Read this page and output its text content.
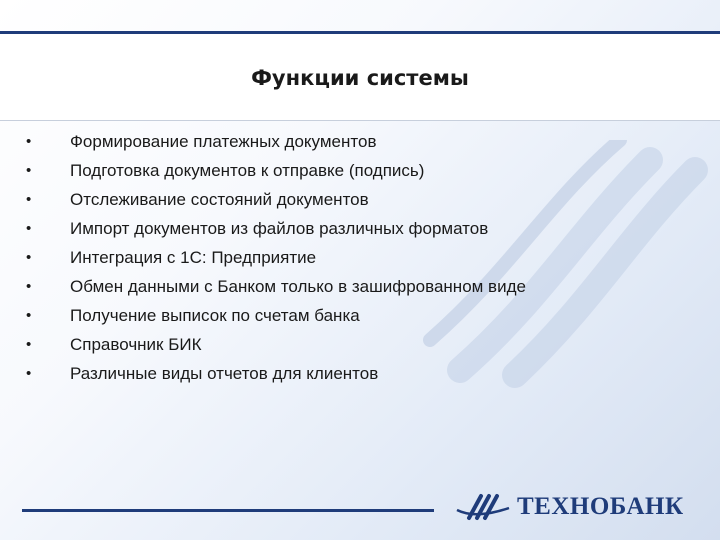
Функции системы
•	Формирование платежных документов
•	Подготовка документов к отправке (подпись)
•	Отслеживание состояний документов
•	Импорт документов из файлов различных форматов
•	Интеграция с 1С: Предприятие
•	Обмен данными с Банком только в зашифрованном виде
•	Получение выписок по счетам банка
•	Справочник БИК
•	Различные виды отчетов для клиентов
ТЕХНОБАНК
